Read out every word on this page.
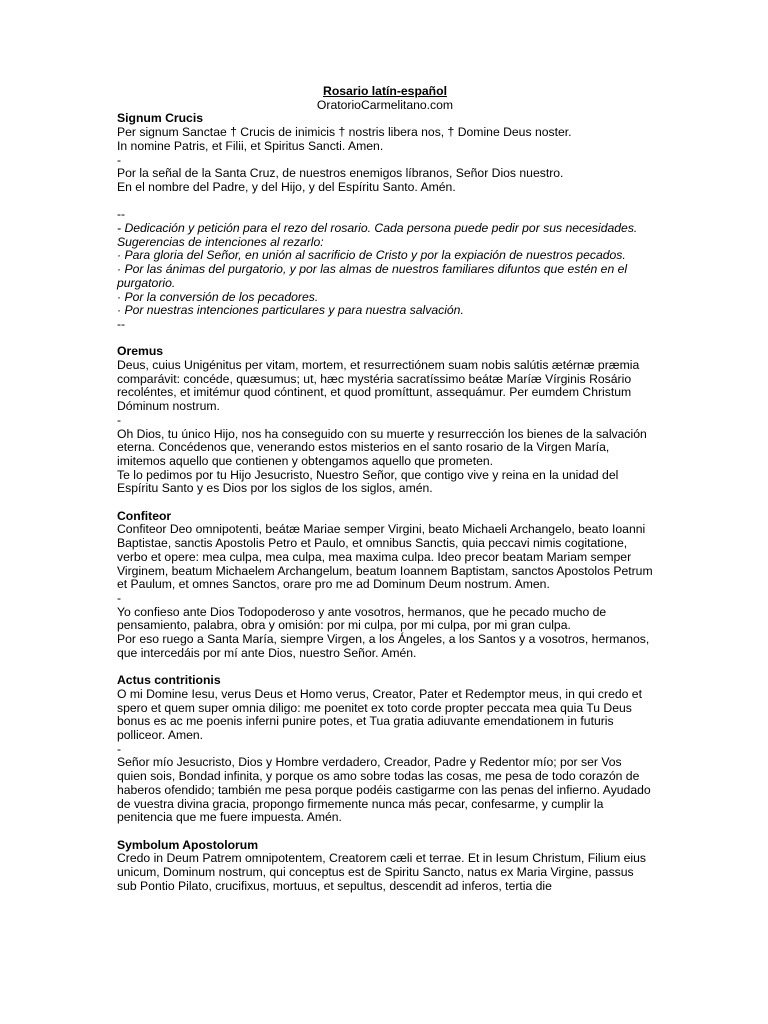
Rosario latín-español
OratorioCarmelitano.com
Signum Crucis

Per signum Sanctae † Crucis de inimicis † nostris libera nos, † Domine Deus noster.

In nomine Patris, et Filii, et Spiritus Sancti. Amen.

-

Por la señal de la Santa Cruz, de nuestros enemigos líbranos, Señor Dios nuestro.

En el nombre del Padre, y del Hijo, y del Espíritu Santo. Amén.

--

- Dedicación y petición para el rezo del rosario. Cada persona puede pedir por sus necesidades.

Sugerencias de intenciones al rezarlo:

· Para gloria del Señor, en unión al sacrificio de Cristo y por la expiación de nuestros pecados.

· Por las ánimas del purgatorio, y por las almas de nuestros familiares difuntos que estén en el purgatorio.

· Por la conversión de los pecadores.

· Por nuestras intenciones particulares y para nuestra salvación.

--

Oremus

Deus, cuius Unigénitus per vitam, mortem, et resurrectiónem suam nobis salútis ætérnæ præmia comparávit: concéde, quæsumus; ut, hæc mystéria sacratíssimo beátæ Maríæ Vírginis Rosário recoléntes, et imitémur quod cóntinent, et quod promíttunt, assequámur. Per eumdem Christum Dóminum nostrum.

-

Oh Dios, tu único Hijo, nos ha conseguido con su muerte y resurrección los bienes de la salvación eterna. Concédenos que, venerando estos misterios en el santo rosario de la Virgen María, imitemos aquello que contienen y obtengamos aquello que prometen.

Te lo pedimos por tu Hijo Jesucristo, Nuestro Señor, que contigo vive y reina en la unidad del Espíritu Santo y es Dios por los siglos de los siglos, amén.

Confiteor

Confiteor Deo omnipotenti, beátæ Mariae semper Virgini, beato Michaeli Archangelo, beato Ioanni Baptistae, sanctis Apostolis Petro et Paulo, et omnibus Sanctis, quia peccavi nimis cogitatione, verbo et opere: mea culpa, mea culpa, mea maxima culpa. Ideo precor beatam Mariam semper Virginem, beatum Michaelem Archangelum, beatum Ioannem Baptistam, sanctos Apostolos Petrum et Paulum, et omnes Sanctos, orare pro me ad Dominum Deum nostrum. Amen.

-

Yo confieso ante Dios Todopoderoso y ante vosotros, hermanos, que he pecado mucho de pensamiento, palabra, obra y omisión: por mi culpa, por mi culpa, por mi gran culpa.

Por eso ruego a Santa María, siempre Virgen, a los Ángeles, a los Santos y a vosotros, hermanos, que intercedáis por mí ante Dios, nuestro Señor. Amén.

Actus contritionis

O mi Domine Iesu, verus Deus et Homo verus, Creator, Pater et Redemptor meus, in qui credo et spero et quem super omnia diligo: me poenitet ex toto corde propter peccata mea quia Tu Deus bonus es ac me poenis inferni punire potes, et Tua gratia adiuvante emendationem in futuris polliceor. Amen.

-

Señor mío Jesucristo, Dios y Hombre verdadero, Creador, Padre y Redentor mío; por ser Vos quien sois, Bondad infinita, y porque os amo sobre todas las cosas, me pesa de todo corazón de haberos ofendido; también me pesa porque podéis castigarme con las penas del infierno. Ayudado de vuestra divina gracia, propongo firmemente nunca más pecar, confesarme, y cumplir la penitencia que me fuere impuesta. Amén.

Symbolum Apostolorum

Credo in Deum Patrem omnipotentem, Creatorem cæli et terrae. Et in Iesum Christum, Filium eius unicum, Dominum nostrum, qui conceptus est de Spiritu Sancto, natus ex Maria Virgine, passus sub Pontio Pilato, crucifixus, mortuus, et sepultus, descendit ad inferos, tertia die
